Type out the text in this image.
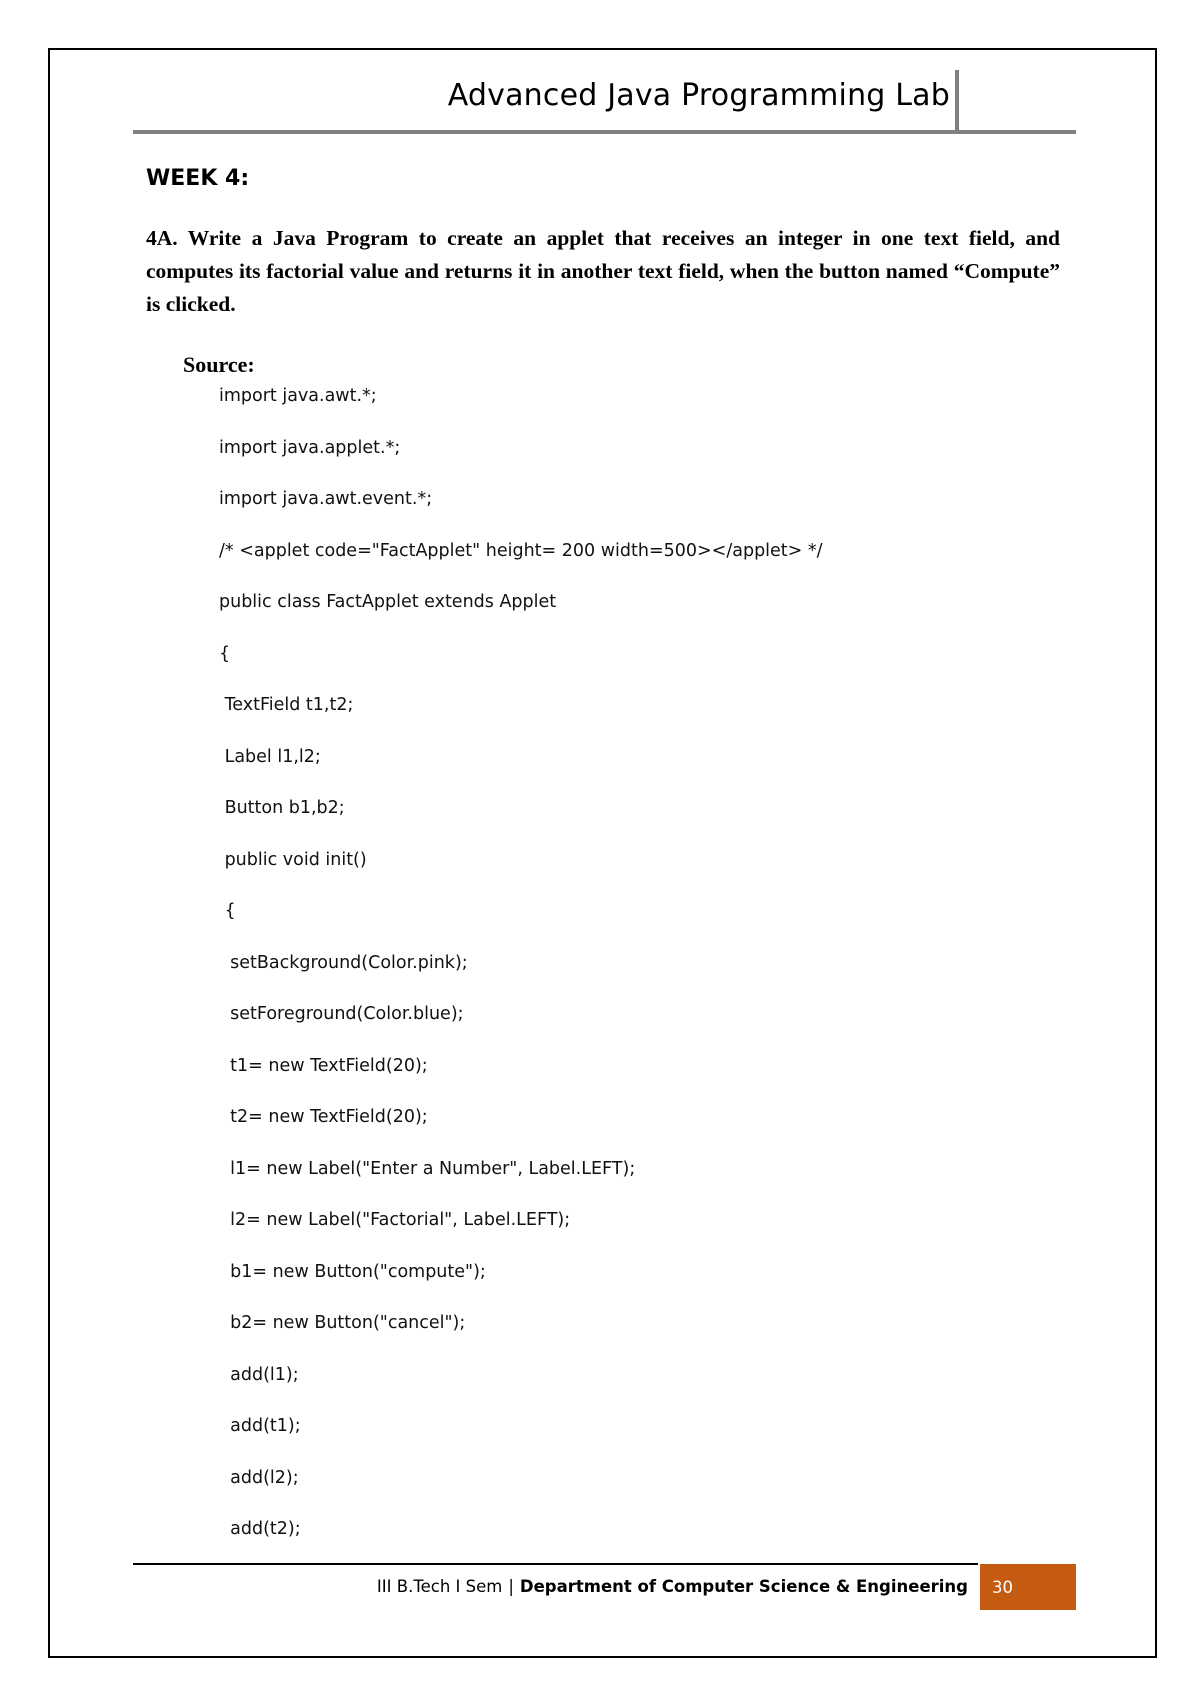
Advanced Java Programming Lab
WEEK 4:
4A. Write a Java Program to create an applet that receives an integer in one text field, and computes its factorial value and returns it in another text field, when the button named “Compute” is clicked.
Source:
import java.awt.*;
import java.applet.*;
import java.awt.event.*;
/* <applet code="FactApplet" height= 200 width=500></applet> */
public class FactApplet extends Applet
{
TextField t1,t2;
Label l1,l2;
Button b1,b2;
public void init()
{
setBackground(Color.pink);
setForeground(Color.blue);
t1= new TextField(20);
t2= new TextField(20);
l1= new Label("Enter a Number", Label.LEFT);
l2= new Label("Factorial", Label.LEFT);
b1= new Button("compute");
b2= new Button("cancel");
add(l1);
add(t1);
add(l2);
add(t2);
III B.Tech I Sem | Department of Computer Science & Engineering 30
